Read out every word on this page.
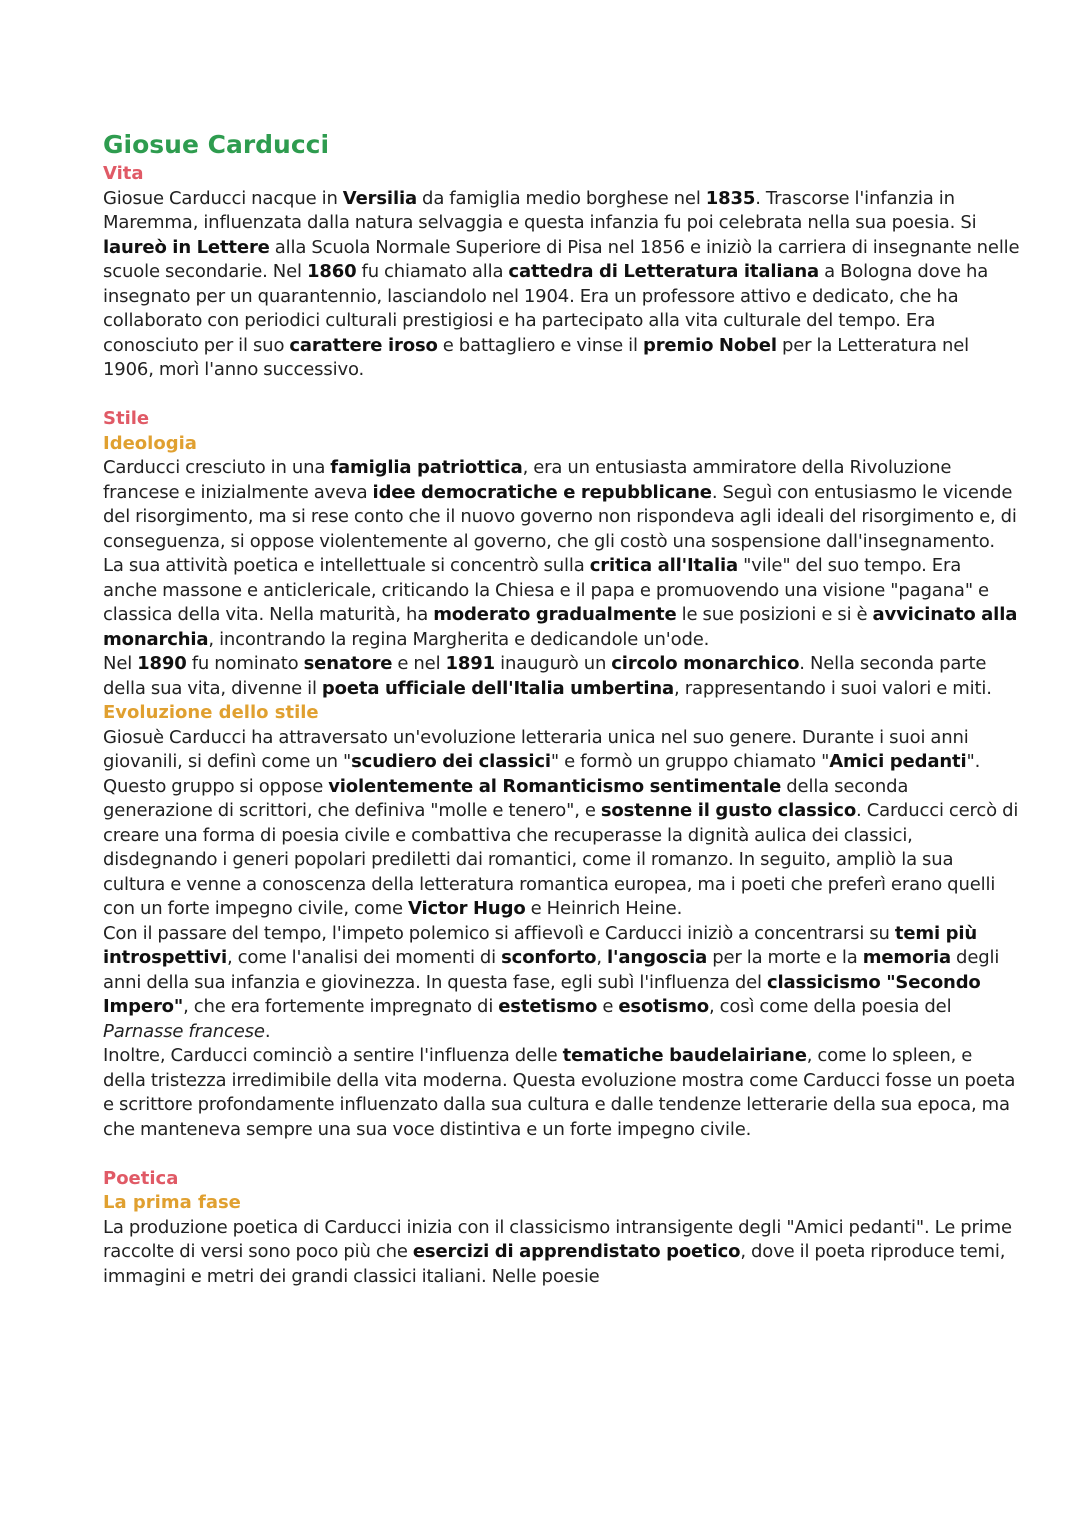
Giosue Carducci
Vita

Giosue Carducci nacque in Versilia da famiglia medio borghese nel 1835. Trascorse l'infanzia in Maremma, influenzata dalla natura selvaggia e questa infanzia fu poi celebrata nella sua poesia. Si laureò in Lettere alla Scuola Normale Superiore di Pisa nel 1856 e iniziò la carriera di insegnante nelle scuole secondarie. Nel 1860 fu chiamato alla cattedra di Letteratura italiana a Bologna dove ha insegnato per un quarantennio, lasciandolo nel 1904. Era un professore attivo e dedicato, che ha collaborato con periodici culturali prestigiosi e ha partecipato alla vita culturale del tempo. Era conosciuto per il suo carattere iroso e battagliero e vinse il premio Nobel per la Letteratura nel 1906, morì l'anno successivo.

Stile
Ideologia

Carducci cresciuto in una famiglia patriottica, era un entusiasta ammiratore della Rivoluzione francese e inizialmente aveva idee democratiche e repubblicane. Seguì con entusiasmo le vicende del risorgimento, ma si rese conto che il nuovo governo non rispondeva agli ideali del risorgimento e, di conseguenza, si oppose violentemente al governo, che gli costò una sospensione dall'insegnamento. La sua attività poetica e intellettuale si concentrò sulla critica all'Italia "vile" del suo tempo. Era anche massone e anticlericale, criticando la Chiesa e il papa e promuovendo una visione "pagana" e classica della vita. Nella maturità, ha moderato gradualmente le sue posizioni e si è avvicinato alla monarchia, incontrando la regina Margherita e dedicandole un'ode.

Nel 1890 fu nominato senatore e nel 1891 inaugurò un circolo monarchico. Nella seconda parte della sua vita, divenne il poeta ufficiale dell'Italia umbertina, rappresentando i suoi valori e miti.

Evoluzione dello stile

Giosuè Carducci ha attraversato un'evoluzione letteraria unica nel suo genere. Durante i suoi anni giovanili, si definì come un "scudiero dei classici" e formò un gruppo chiamato "Amici pedanti". Questo gruppo si oppose violentemente al Romanticismo sentimentale della seconda generazione di scrittori, che definiva "molle e tenero", e sostenne il gusto classico. Carducci cercò di creare una forma di poesia civile e combattiva che recuperasse la dignità aulica dei classici, disdegnando i generi popolari prediletti dai romantici, come il romanzo. In seguito, ampliò la sua cultura e venne a conoscenza della letteratura romantica europea, ma i poeti che preferì erano quelli con un forte impegno civile, come Victor Hugo e Heinrich Heine.

Con il passare del tempo, l'impeto polemico si affievolì e Carducci iniziò a concentrarsi su temi più introspettivi, come l'analisi dei momenti di sconforto, l'angoscia per la morte e la memoria degli anni della sua infanzia e giovinezza. In questa fase, egli subì l'influenza del classicismo "Secondo Impero", che era fortemente impregnato di estetismo e esotismo, così come della poesia del Parnasse francese.

Inoltre, Carducci cominciò a sentire l'influenza delle tematiche baudelairiane, come lo spleen, e della tristezza irredimibile della vita moderna. Questa evoluzione mostra come Carducci fosse un poeta e scrittore profondamente influenzato dalla sua cultura e dalle tendenze letterarie della sua epoca, ma che manteneva sempre una sua voce distintiva e un forte impegno civile.

Poetica
La prima fase

La produzione poetica di Carducci inizia con il classicismo intransigente degli "Amici pedanti". Le prime raccolte di versi sono poco più che esercizi di apprendistato poetico, dove il poeta riproduce temi, immagini e metri dei grandi classici italiani. Nelle poesie
